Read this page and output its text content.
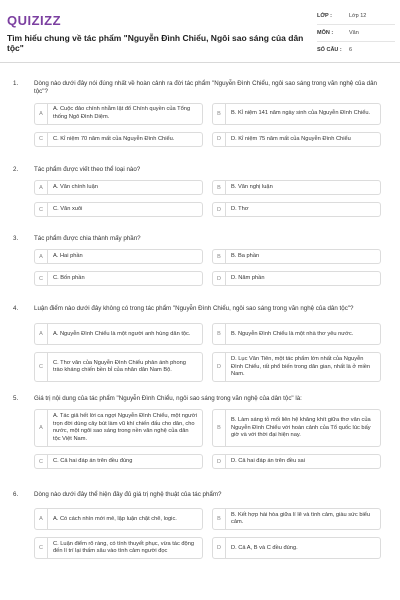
QUIZIZZ
Tìm hiểu chung về tác phẩm "Nguyễn Đình Chiểu, Ngôi sao sáng của dân tộc"
LỚP :	Lớp 12
MÔN :	Văn
SỐ CÂU :	6
1.	Dòng nào dưới đây nói đúng nhất về hoàn cảnh ra đời tác phẩm "Nguyễn Đình Chiểu, ngôi sao sáng trong văn nghệ của dân tộc"?
A
A. Cuộc đảo chính nhằm lật đổ Chính quyền của Tổng thống Ngô Đình Diệm.	B	B. Kỉ niệm 141 năm ngày sinh của Nguyễn Đình Chiểu.
C	C. Kỉ niệm 70 năm mất của Nguyễn Đình Chiểu.	D	D. Kỉ niệm 75 năm mất của Nguyễn Đình Chiểu
2.	Tác phẩm được viết theo thể loại nào?
A	A. Văn chính luận	B	B. Văn nghị luận
C	C. Văn xuôi	D	D. Thơ
3.	Tác phẩm được chia thành mấy phần?
A	A. Hai phần	B	B. Ba phần
C	C. Bốn phần	D	D. Năm phần
4.	Luận điểm nào dưới đây không có trong tác phẩm "Nguyễn Đình Chiểu, ngôi sao sáng trong văn nghệ của dân tộc"?
A	A. Nguyễn Đình Chiểu là một người anh hùng dân tộc.	B	B. Nguyễn Đình Chiểu là một nhà thơ yêu nước.
C
C. Thơ văn của Nguyễn Đình Chiểu phản ánh phong trào kháng chiến bền bỉ của nhân dân Nam Bộ.	D
D. Lục Vân Tiên, một tác phẩm lớn nhất của Nguyễn Đình Chiểu, rất phổ biến trong dân gian, nhất là ở miền Nam.
5.	Giá trị nội dung của tác phẩm "Nguyễn Đình Chiểu, ngôi sao sáng trong văn nghệ của dân tộc" là:
A
A. Tác giả hết lời ca ngợi Nguyễn Đình Chiểu, một người trọn đời dùng cây bút làm vũ khí chiến đấu cho dân, cho nước, một ngôi sao sáng trong nền văn nghệ của dân tộc Việt Nam.
B
B. Làm sáng tỏ mối liên hệ khăng khít giữa thơ văn của Nguyễn Đình Chiểu với hoàn cảnh của Tổ quốc lúc bấy giờ và với thời đại hiện nay.
C	C. Cả hai đáp án trên đều đúng	D	D. Cả hai đáp án trên đều sai
6.	Dòng nào dưới đây thể hiện đây đủ giá trị nghệ thuật của tác phẩm?
A	A. Có cách nhìn mới mẻ, lập luận chặt chẽ, logic.	B
B. Kết hợp hài hòa giữa lí lẽ và tình cảm, giàu sức biểu cảm.
C
C. Luận điểm rõ ràng, có tính thuyết phục, vừa tác động đến lí trí lại thấm sâu vào tình cảm người đọc	D	D. Cả A, B và C đều đúng.
